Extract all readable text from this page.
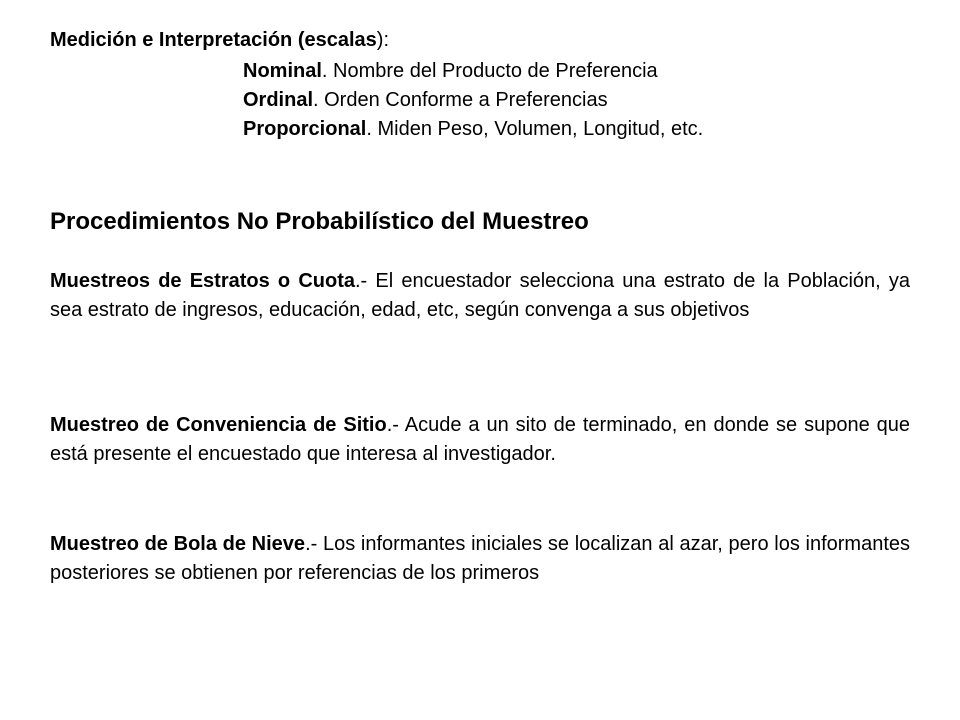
Medición e Interpretación (escalas):
Nominal. Nombre del Producto de Preferencia
Ordinal. Orden Conforme a Preferencias
Proporcional. Miden Peso, Volumen, Longitud, etc.
Procedimientos No Probabilístico del Muestreo
Muestreos de Estratos o Cuota.- El encuestador selecciona una estrato de la Población, ya sea estrato de ingresos, educación, edad, etc, según convenga a sus objetivos
Muestreo de Conveniencia de Sitio.- Acude a un sito de terminado, en donde se supone que está presente el encuestado que interesa al investigador.
Muestreo de Bola de Nieve.- Los informantes iniciales se localizan al azar, pero los informantes posteriores se obtienen por referencias de los primeros
